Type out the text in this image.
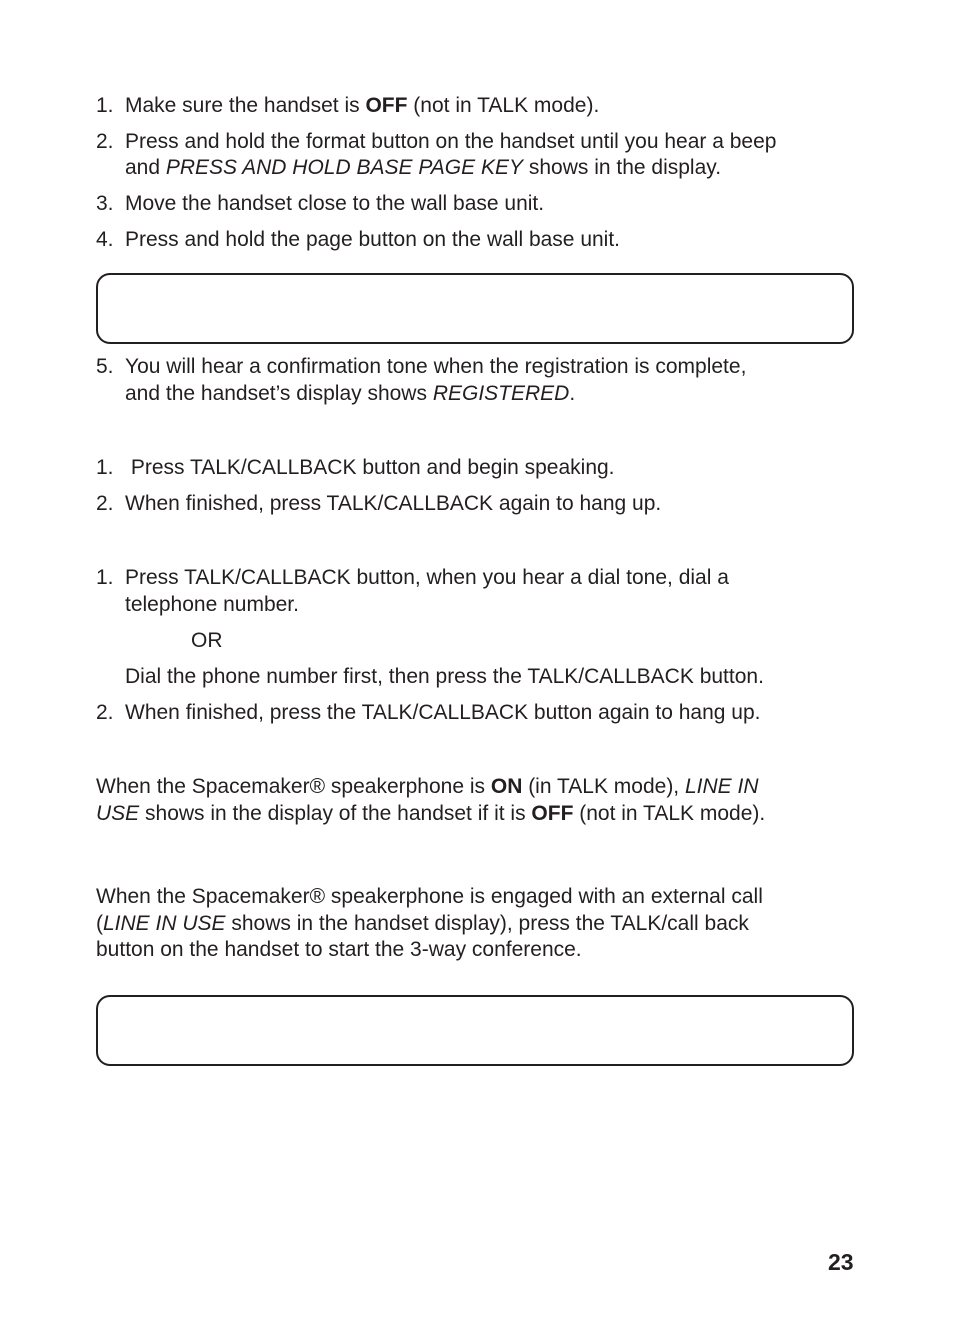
1. Make sure the handset is OFF (not in TALK mode).
2. Press and hold the format button on the handset until you hear a beep
and PRESS AND HOLD BASE PAGE KEY shows in the display.
3. Move the handset close to the wall base unit.
4. Press and hold the page button on the wall base unit.
5. You will hear a confirmation tone when the registration is complete,
and the handset’s display shows REGISTERED.
1. Press TALK/CALLBACK button and begin speaking.
2. When finished, press TALK/CALLBACK again to hang up.
1. Press TALK/CALLBACK button, when you hear a dial tone, dial a
telephone number.
OR
Dial the phone number first, then press the TALK/CALLBACK button.
2. When finished, press the TALK/CALLBACK button again to hang up.
When the Spacemaker® speakerphone is ON (in TALK mode), LINE IN
USE shows in the display of the handset if it is OFF (not in TALK mode).
When the Spacemaker® speakerphone is engaged with an external call
(LINE IN USE shows in the handset display), press the TALK/call back
button on the handset to start the 3-way conference.
23
